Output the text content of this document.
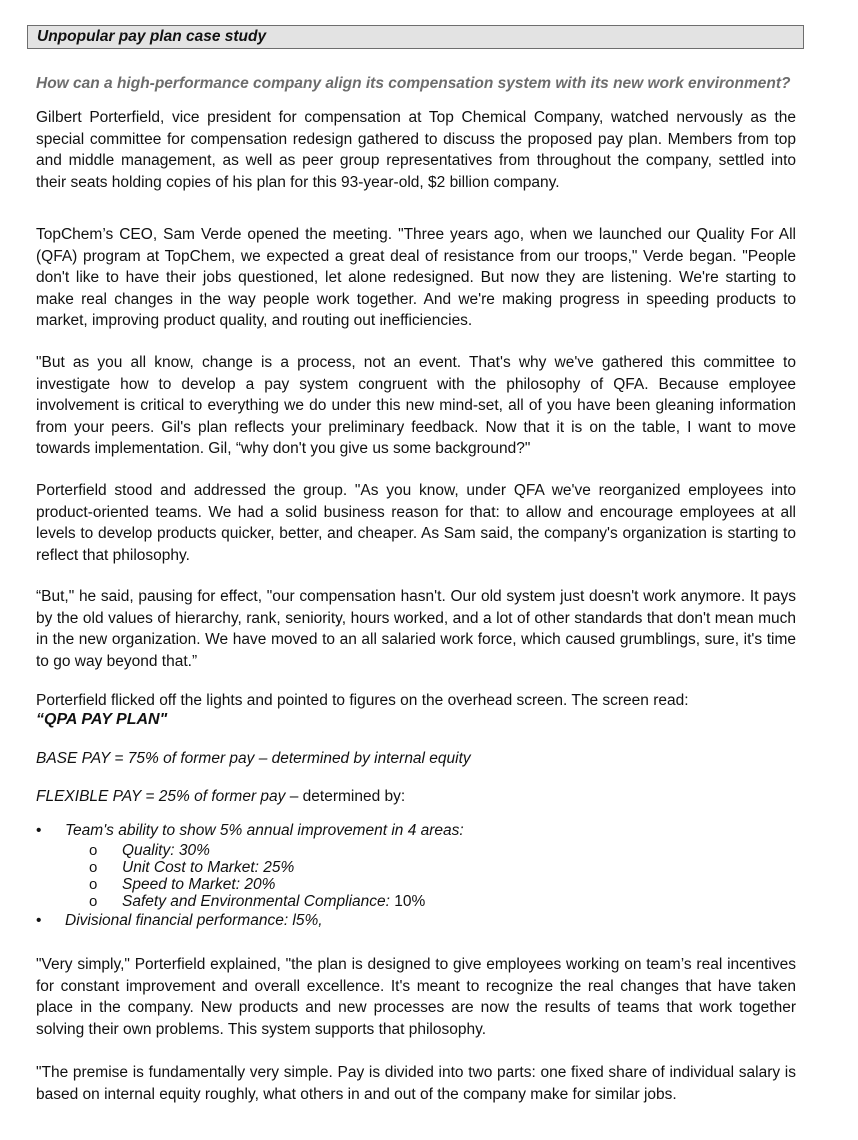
Unpopular pay plan case study
How can a high-performance company align its compensation system with its new work environment?

Gilbert Porterfield, vice president for compensation at Top Chemical Company, watched nervously as the special committee for compensation redesign gathered to discuss the proposed pay plan. Members from top and middle management, as well as peer group representatives from throughout the company, settled into their seats holding copies of his plan for this 93-year-old, $2 billion company.

TopChem’s CEO, Sam Verde opened the meeting. "Three years ago, when we launched our Quality For All (QFA) program at TopChem, we expected a great deal of resistance from our troops," Verde began. "People don't like to have their jobs questioned, let alone redesigned. But now they are listening. We're starting to make real changes in the way people work together. And we're making progress in speeding products to market, improving product quality, and routing out inefficiencies.

"But as you all know, change is a process, not an event. That's why we've gathered this committee to investigate how to develop a pay system congruent with the philosophy of QFA. Because employee involvement is critical to everything we do under this new mind-set, all of you have been gleaning information from your peers. Gil's plan reflects your preliminary feedback. Now that it is on the table, I want to move towards implementation. Gil, “why don't you give us some background?"

Porterfield stood and addressed the group. "As you know, under QFA we've reorganized employees into product-oriented teams. We had a solid business reason for that: to allow and encourage employees at all levels to develop products quicker, better, and cheaper. As Sam said, the company's organization is starting to reflect that philosophy.

“But," he said, pausing for effect, "our compensation hasn't. Our old system just doesn't work anymore. It pays by the old values of hierarchy, rank, seniority, hours worked, and a lot of other standards that don't mean much in the new organization. We have moved to an all salaried work force, which caused grumblings, sure, it's time to go way beyond that.”

Porterfield flicked off the lights and pointed to figures on the overhead screen. The screen read:

“QPA PAY PLAN"
BASE PAY = 75% of former pay – determined by internal equity
FLEXIBLE PAY = 25% of former pay – determined by:
• Team's ability to show 5% annual improvement in 4 areas:
o Quality: 30%
o Unit Cost to Market: 25%
o Speed to Market: 20%
o Safety and Environmental Compliance: 10%
• Divisional financial performance: l5%,

"Very simply," Porterfield explained, "the plan is designed to give employees working on team’s real incentives for constant improvement and overall excellence. It's meant to recognize the real changes that have taken place in the company. New products and new processes are now the results of teams that work together solving their own problems. This system supports that philosophy.

"The premise is fundamentally very simple. Pay is divided into two parts: one fixed share of individual salary is based on internal equity roughly, what others in and out of the company make for similar jobs.
